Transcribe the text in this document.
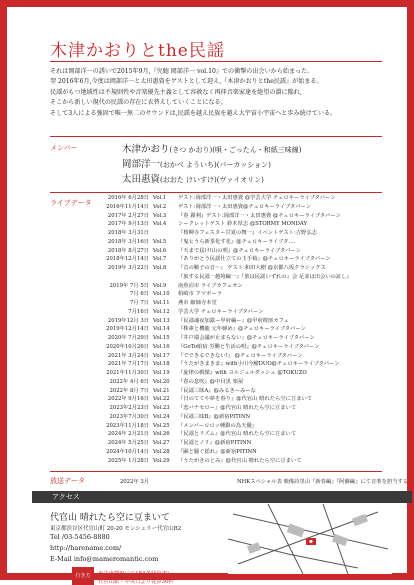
木津かおりとthe民謡
それは岡部洋一の誘いで2015年9月,『究聴 岡部洋一 vol.10』での衝撃の出会いから始まった。
翌 2016年6月,今度は岡部洋一と太田惠資をゲストとして迎え,『木津かおりとthe民謡』が始まる。
民謡がもつ地域性は不規則性や音楽優先主義として容赦なく再拝音楽家達を絶望の淵に陥れ,
そこから新しい現代の民謡の存在に衣替えしていくことになる。
そして3人による強固で唯一無二のサウンドは,民謡を越え民族を越え大宇宙小宇宙へと歩み続けている。
メンバー	木津かおり(きつ かおり)(唄・ごったん・和紙三味線)
岡部洋一(おかべ よういち)(パーカッション)
太田惠資(おおた けいすけ)(ヴァイオリン)
ライブデータ
2016年 6月28日 Vol.1	ゲスト:岡部洋一・太田惠資 @学芸大学 チェロキーライブタバーン
2016年11月14日 Vol.2	ゲスト:岡部洋一・太田惠資@チェロキーライブタバーン
2017年 2月27日 Vol.3	『春 麗利』ゲスト:岡部洋一・太田惠資 @チェロキーライブタバーン
2017年 9月13日 Vol.4	シークレットゲスト 鈴木厚志 @STORMY MONDAY
2018年 3月31日	『桜柳寺フェスター甘夏の舞一』イベントゲスト:吉野弘志
2018年 3月16日 Vol.5	『鬼ヒうら新茶化す花』@チェロキーライブタ....
2018年 8月27日 Vol.6	『天まで届け!山の唄』@チェロキーライブタバーン
2018年12月14日 Vol.7	『ありがとう民謡仕立ての玉手箱』@チェロキーライブタバーン
2019年 3月22日 Vol.8	『音の鞁子の音〜』 ゲスト:和田大樹 @京都八坂クラシックス
『旅する民謡一越境編一』『旅は民謡いずれの』会 足並は出会いの証し』
2019年 7月 5日 Vol.9	南魚沼市 ライブカフェオン
7月 6日 Vol.10	柏崎市 アマボーラ
7月 7日 Vol.11	燕市 縮師寺本堂
7月16日 Vol.12	学芸大学 チェロキーライブタバーン
2019年12月 3日 Vol.13	『民謡魂夜加露ー甲府編ー』@甲府桜座カフェ
2019年12月14日 Vol.14	『株素と機龍 元年締め』@チェロキーライブタバーン
2020年 7月29日 Vol.15	『井戸端会議が止まらない』@チェロキーライブタバーン
2020年10月26日 Vol.16	『GoTo船宿 労働と生活の唄』@チェロキーライブタバーン
2021年 3月24日 Vol.17	『でできるできない!』 @チェロキーライブタバーン
2021年 7月17日 Vol.18	『うたがきまきま』with小川今鯖DUO@チェロキーライブタバーン
2021年11月30日 Vol.19	『旋律の戦慄』with ヨルジュルダッシュ @TOKUZO
2022年 4月 6日 Vol.20	『春の息吹』@中目黒 楽屋
2022年 8月 7日 Vol.21	『民謡三昧A』@みるきーみーな
2022年 9月16日 Vol.22	『日のててや夢を春り』@代官山 晴れたら空に豆まいて
2023年2月23日 Vol.23	『恋バナセロー』@代官山 晴れたら空に豆まいて
2023年7月30日 Vol.24	『民謡三昧B』@新宿PITINN
2023年11月18日 Vol.25	『メンバーロロッ種銀の為天優』
2024年 2月21日 Vol.26	『民謡とリズム』@代官山 晴れたら空に豆まいて
2024年 5月25日 Vol.27	『民謡とノリ』@新宿PITINN
2024年10月14日 Vol.28	『踊と騒ぐ揺れ』@新宿PITINN
2025年 1月28日 Vol.29	『うたがきのとみ』@代官山 晴れたら空に豆まいて
放送データ	2022年 3月	NHKスペシャル表 映像詩里山『新春編』『阿蘇編』にて音楽を担当する
アクセス
代官山 晴れたら空に豆まいて
東京都渋谷区代官山町 20-20 モンシェリー代官山B2
Tel /03-5456-8880
http://harename.com/
E-Mail info@mameromantic.com
行き方	東急東横線にて1駅(各駅停車)
代官山駅・中央口より徒歩30秒
